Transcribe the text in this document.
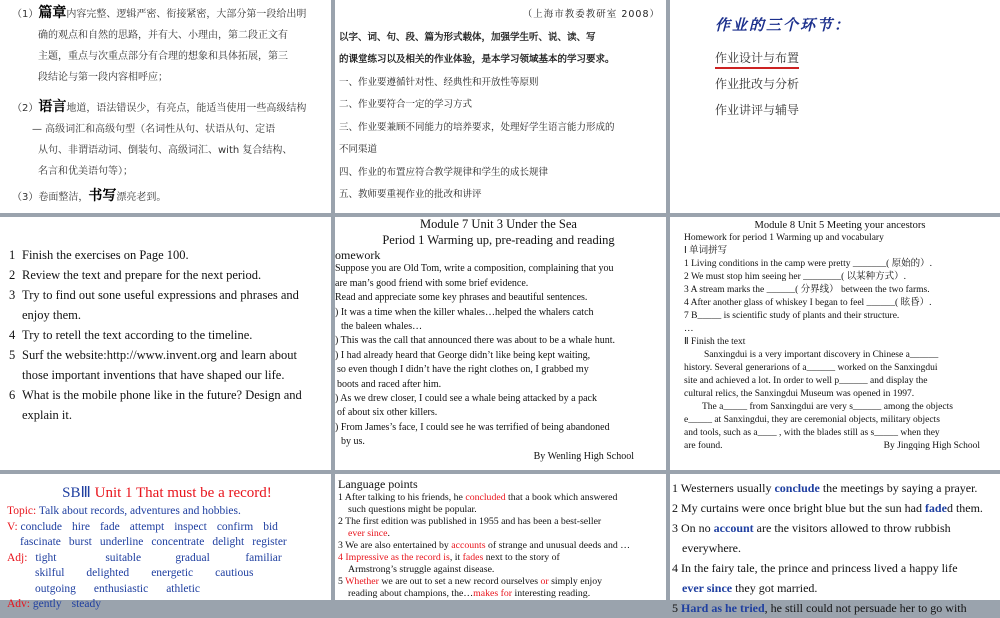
（1）篇章内容完整、逻辑严密、衔接紧密，大部分第一段给出明
确的观点和自然的思路，并有大、小理由，第二段正文有
主题，重点与次重点部分有合理的想象和具体拓展，第三
段结论与第一段内容相呼应；
（2）语言地道，语法错误少，有亮点，能适当使用一些高级结构
— 高级词汇和高级句型（名词性从句、状语从句、定语
从句、非谓语动词、倒装句、高级词汇、with 复合结构、
名言和优美语句等）；
（3）卷面整洁，书写漂亮老到。
（上海市教委教研室 2008）
以字、词、句、段、篇为形式载体，加强学生听、说、读、写
的课堂练习以及相关的作业体验，是本学习领域基本的学习要求。
一、作业要遵循针对性、经典性和开放性等原则
二、作业要符合一定的学习方式
三、作业要兼顾不同能力的培养要求，处理好学生语言能力形成的
不同渠道
四、作业的布置应符合教学规律和学生的成长规律
五、教师要重视作业的批改和讲评
作业的三个环节：
作业设计与布置
作业批改与分析
作业讲评与辅导
1 Finish the exercises on Page 100.
2 Review the text and prepare for the next period.
3 Try to find out sone useful expressions and phrases and enjoy them.
4 Try to retell the text according to the timeline.
5 Surf the website:http://www.invent.org and learn about those important inventions that have shaped our life.
6 What is the mobile phone like in the future? Design and explain it.
Module 7 Unit 3 Under the Sea
Period 1 Warming up, pre-reading and reading
omework
Suppose you are Old Tom, write a composition, complaining that you
are man’s good friend with some brief evidence.
Read and appreciate some key phrases and beautiful sentences.
) It was a time when the killer whales…helped the whalers catch
the baleen whales…
) This was the call that announced there was about to be a whale hunt.
) I had already heard that George didn’t like being kept waiting,
so even though I didn’t have the right clothes on, I grabbed my
boots and raced after him.
) As we drew closer, I could see a whale being attacked by a pack
of about six other killers.
) From James’s face, I could see he was terrified of being abandoned
by us.
By Wenling High School
Module 8 Unit 5 Meeting your ancestors
Homework for period 1 Warming up and vocabulary
Ⅰ 单词拼写
1 Living conditions in the camp were pretty _______( 原始的）.
2 We must stop him seeing her ________( 以某种方式）.
3 A stream marks the ______( 分界线） between the two farms.
4 After another glass of whiskey I began to feel ______( 眩昏）.
7 B_____ is scientific study of plants and their structure.
…
Ⅱ Finish the text
Sanxingdui is a very important discovery in Chinese a______
history. Several generarions of a______ worked on the Sanxingdui
site and achieved a lot. In order to well p______ and display the
cultural relics, the Sanxingdui Museum was opened in 1997.
The a_____ from Sanxingdui are very s______ among the objects
e_____ at Sanxingdui, they are ceremonial objects, military objects
and tools, such as a____ , with the blades still as s_____ when they
are found.	By Jingqing High School
SBⅢ Unit 1 That must be a record!
Topic: Talk about records, adventures and hobbies.
V: conclude hire fade attempt inspect confirm bid
fascinate burst underline concentrate delight register
Adj: tight	suitable	gradual	familiar
skilful delighted energetic cautious
outgoing enthusiastic athletic
Adv: gently steady
Language points
1 After talking to his friends, he concluded that a book which answered
such questions might be popular.
2 The first edition was published in 1955 and has been a best-seller
ever since.
3 We are also entertained by accounts of strange and unusual deeds and …
4 Impressive as the record is, it fades next to the story of
Armstrong’s struggle against disease.
5 Whether we are out to set a new record ourselves or simply enjoy
reading about champions, the…makes for interesting reading.
1 Westerners usually conclude the meetings by saying a prayer.
2 My curtains were once bright blue but the sun had faded them.
3 On no account are the visitors allowed to throw rubbish
everywhere.
4 In the fairy tale, the prince and princess lived a happy life
ever since they got married.
5 Hard as he tried, he still could not persuade her to go with
